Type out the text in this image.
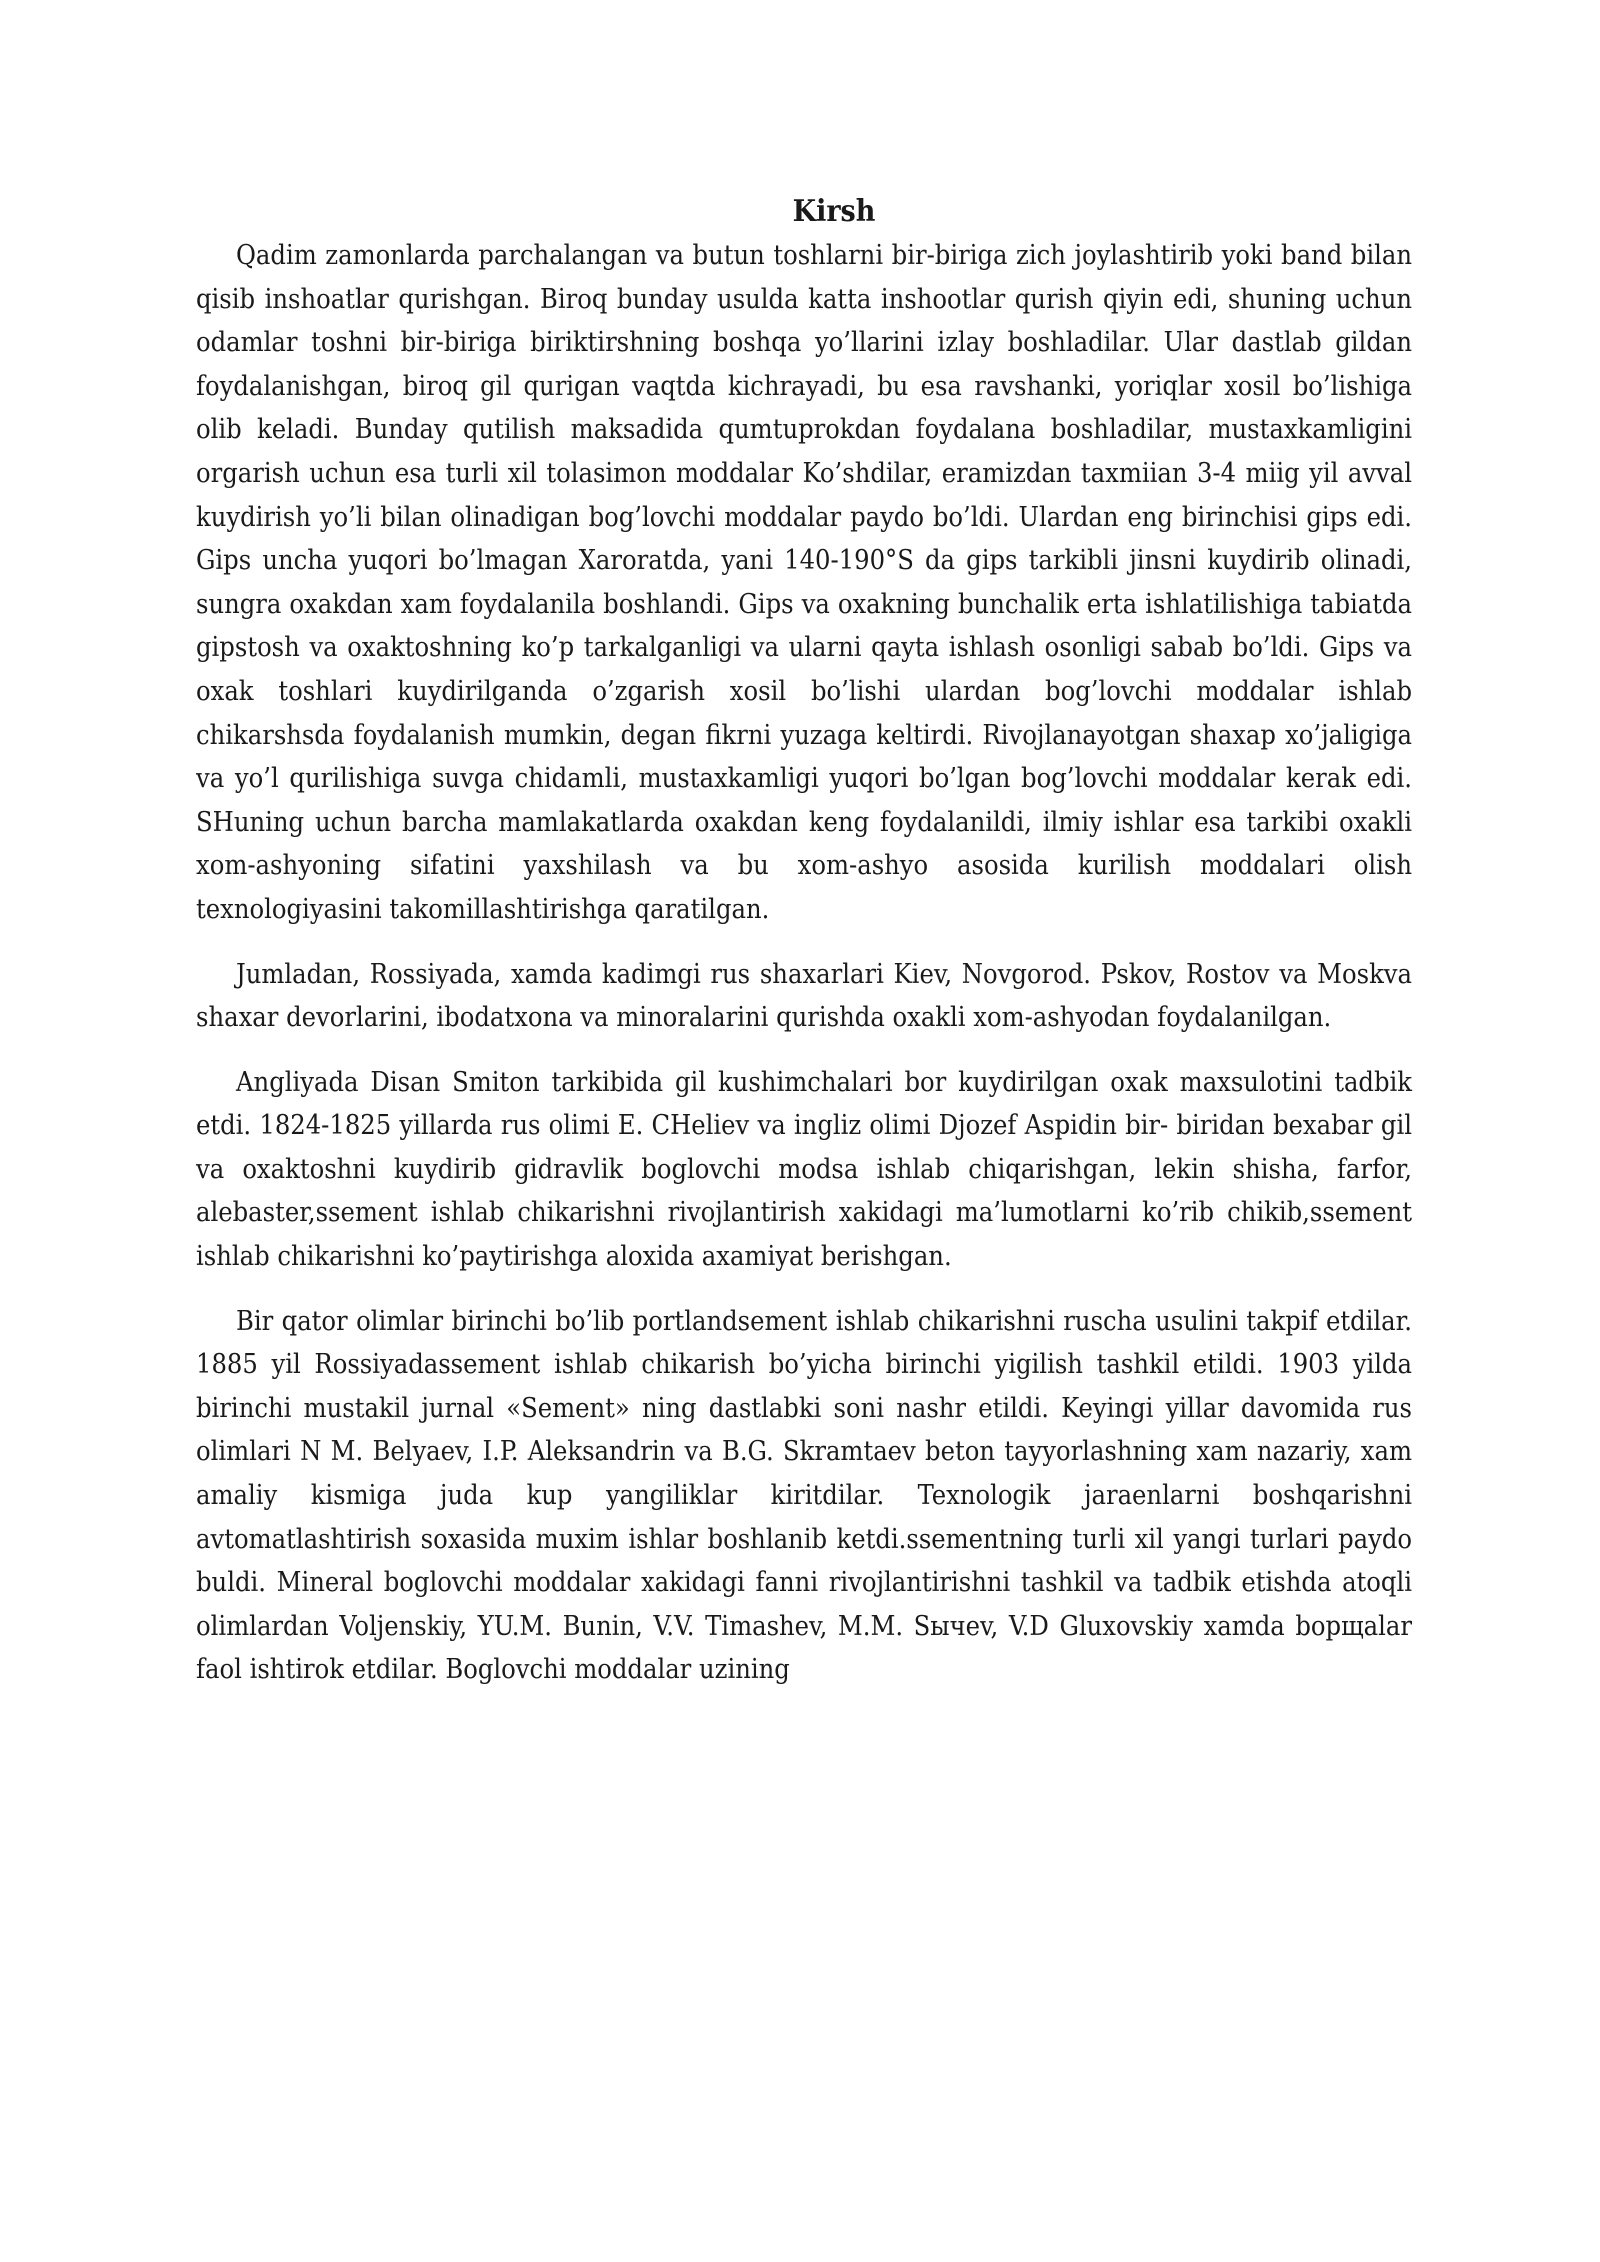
Kirsh

Qadim zamonlarda parchalangan va butun toshlarni bir-biriga zich joylashtirib yoki band bilan qisib inshoatlar qurishgan. Biroq bunday usulda katta inshootlar qurish qiyin edi, shuning uchun odamlar toshni bir-biriga biriktirshning boshqa yo’llarini izlay boshladilar. Ular dastlab gildan foydalanishgan, biroq gil qurigan vaqtda kichrayadi, bu esa ravshanki, yoriqlar xosil bo’lishiga olib keladi. Bunday qutilish maksadida qumtuprokdan foydalana boshladilar, mustaxkamligini orgarish uchun esa turli xil tolasimon moddalar Ko’shdilar, eramizdan taxmiian 3-4 miig yil avval kuydirish yo’li bilan olinadigan bog’lovchi moddalar paydo bo’ldi. Ulardan eng birinchisi gips edi. Gips uncha yuqori bo’lmagan Xaroratda, yani 140-190°S da gips tarkibli jinsni kuydirib olinadi, sungra oxakdan xam foydalanila boshlandi. Gips va oxakning bunchalik erta ishlatilishiga tabiatda gipstosh va oxaktoshning ko’p tarkalganligi va ularni qayta ishlash osonligi sabab bo’ldi. Gips va oxak toshlari kuydirilganda o’zgarish xosil bo’lishi ulardan bog’lovchi moddalar ishlab chikarshsda foydalanish mumkin, degan fikrni yuzaga keltirdi. Rivojlanayotgan shaxap xo’jaligiga va yo’l qurilishiga suvga chidamli, mustaxkamligi yuqori bo’lgan bog’lovchi moddalar kerak edi. SHuning uchun barcha mamlakatlarda oxakdan keng foydalanildi, ilmiy ishlar esa tarkibi oxakli xom-ashyoning sifatini yaxshilash va bu xom-ashyo asosida kurilish moddalari olish texnologiyasini takomillashtirishga qaratilgan.

Jumladan, Rossiyada, xamda kadimgi rus shaxarlari Kiev, Novgorod. Pskov, Rostov va Moskva shaxar devorlarini, ibodatxona va minoralarini qurishda oxakli xom-ashyodan foydalanilgan.

Angliyada Disan Smiton tarkibida gil kushimchalari bor kuydirilgan oxak maxsulotini tadbik etdi. 1824-1825 yillarda rus olimi E. CHeliev va ingliz olimi Djozef Aspidin bir- biridan bexabar gil va oxaktoshni kuydirib gidravlik boglovchi modsa ishlab chiqarishgan, lekin shisha, farfor, alebaster,ssement ishlab chikarishni rivojlantirish xakidagi ma’lumotlarni ko’rib chikib,ssement ishlab chikarishni ko’paytirishga aloxida axamiyat berishgan.

Bir qator olimlar birinchi bo’lib portlandsement ishlab chikarishni ruscha usulini takpif etdilar. 1885 yil Rossiyadassement ishlab chikarish bo’yicha birinchi yigilish tashkil etildi. 1903 yilda birinchi mustakil jurnal «Sement» ning dastlabki soni nashr etildi. Keyingi yillar davomida rus olimlari N M. Belyaev, I.P. Aleksandrin va B.G. Skramtaev beton tayyorlashning xam nazariy, xam amaliy kismiga juda kup yangiliklar kiritdilar. Texnologik jaraenlarni boshqarishni avtomatlashtirish soxasida muxim ishlar boshlanib ketdi.ssementning turli xil yangi turlari paydo buldi. Mineral boglovchi moddalar xakidagi fanni rivojlantirishni tashkil va tadbik etishda atoqli olimlardan Voljenskiy, YU.M. Bunin, V.V. Timashev, M.M. Sычev, V.D Gluxovskiy xamda bopщalar faol ishtirok etdilar. Boglovchi moddalar uzining
